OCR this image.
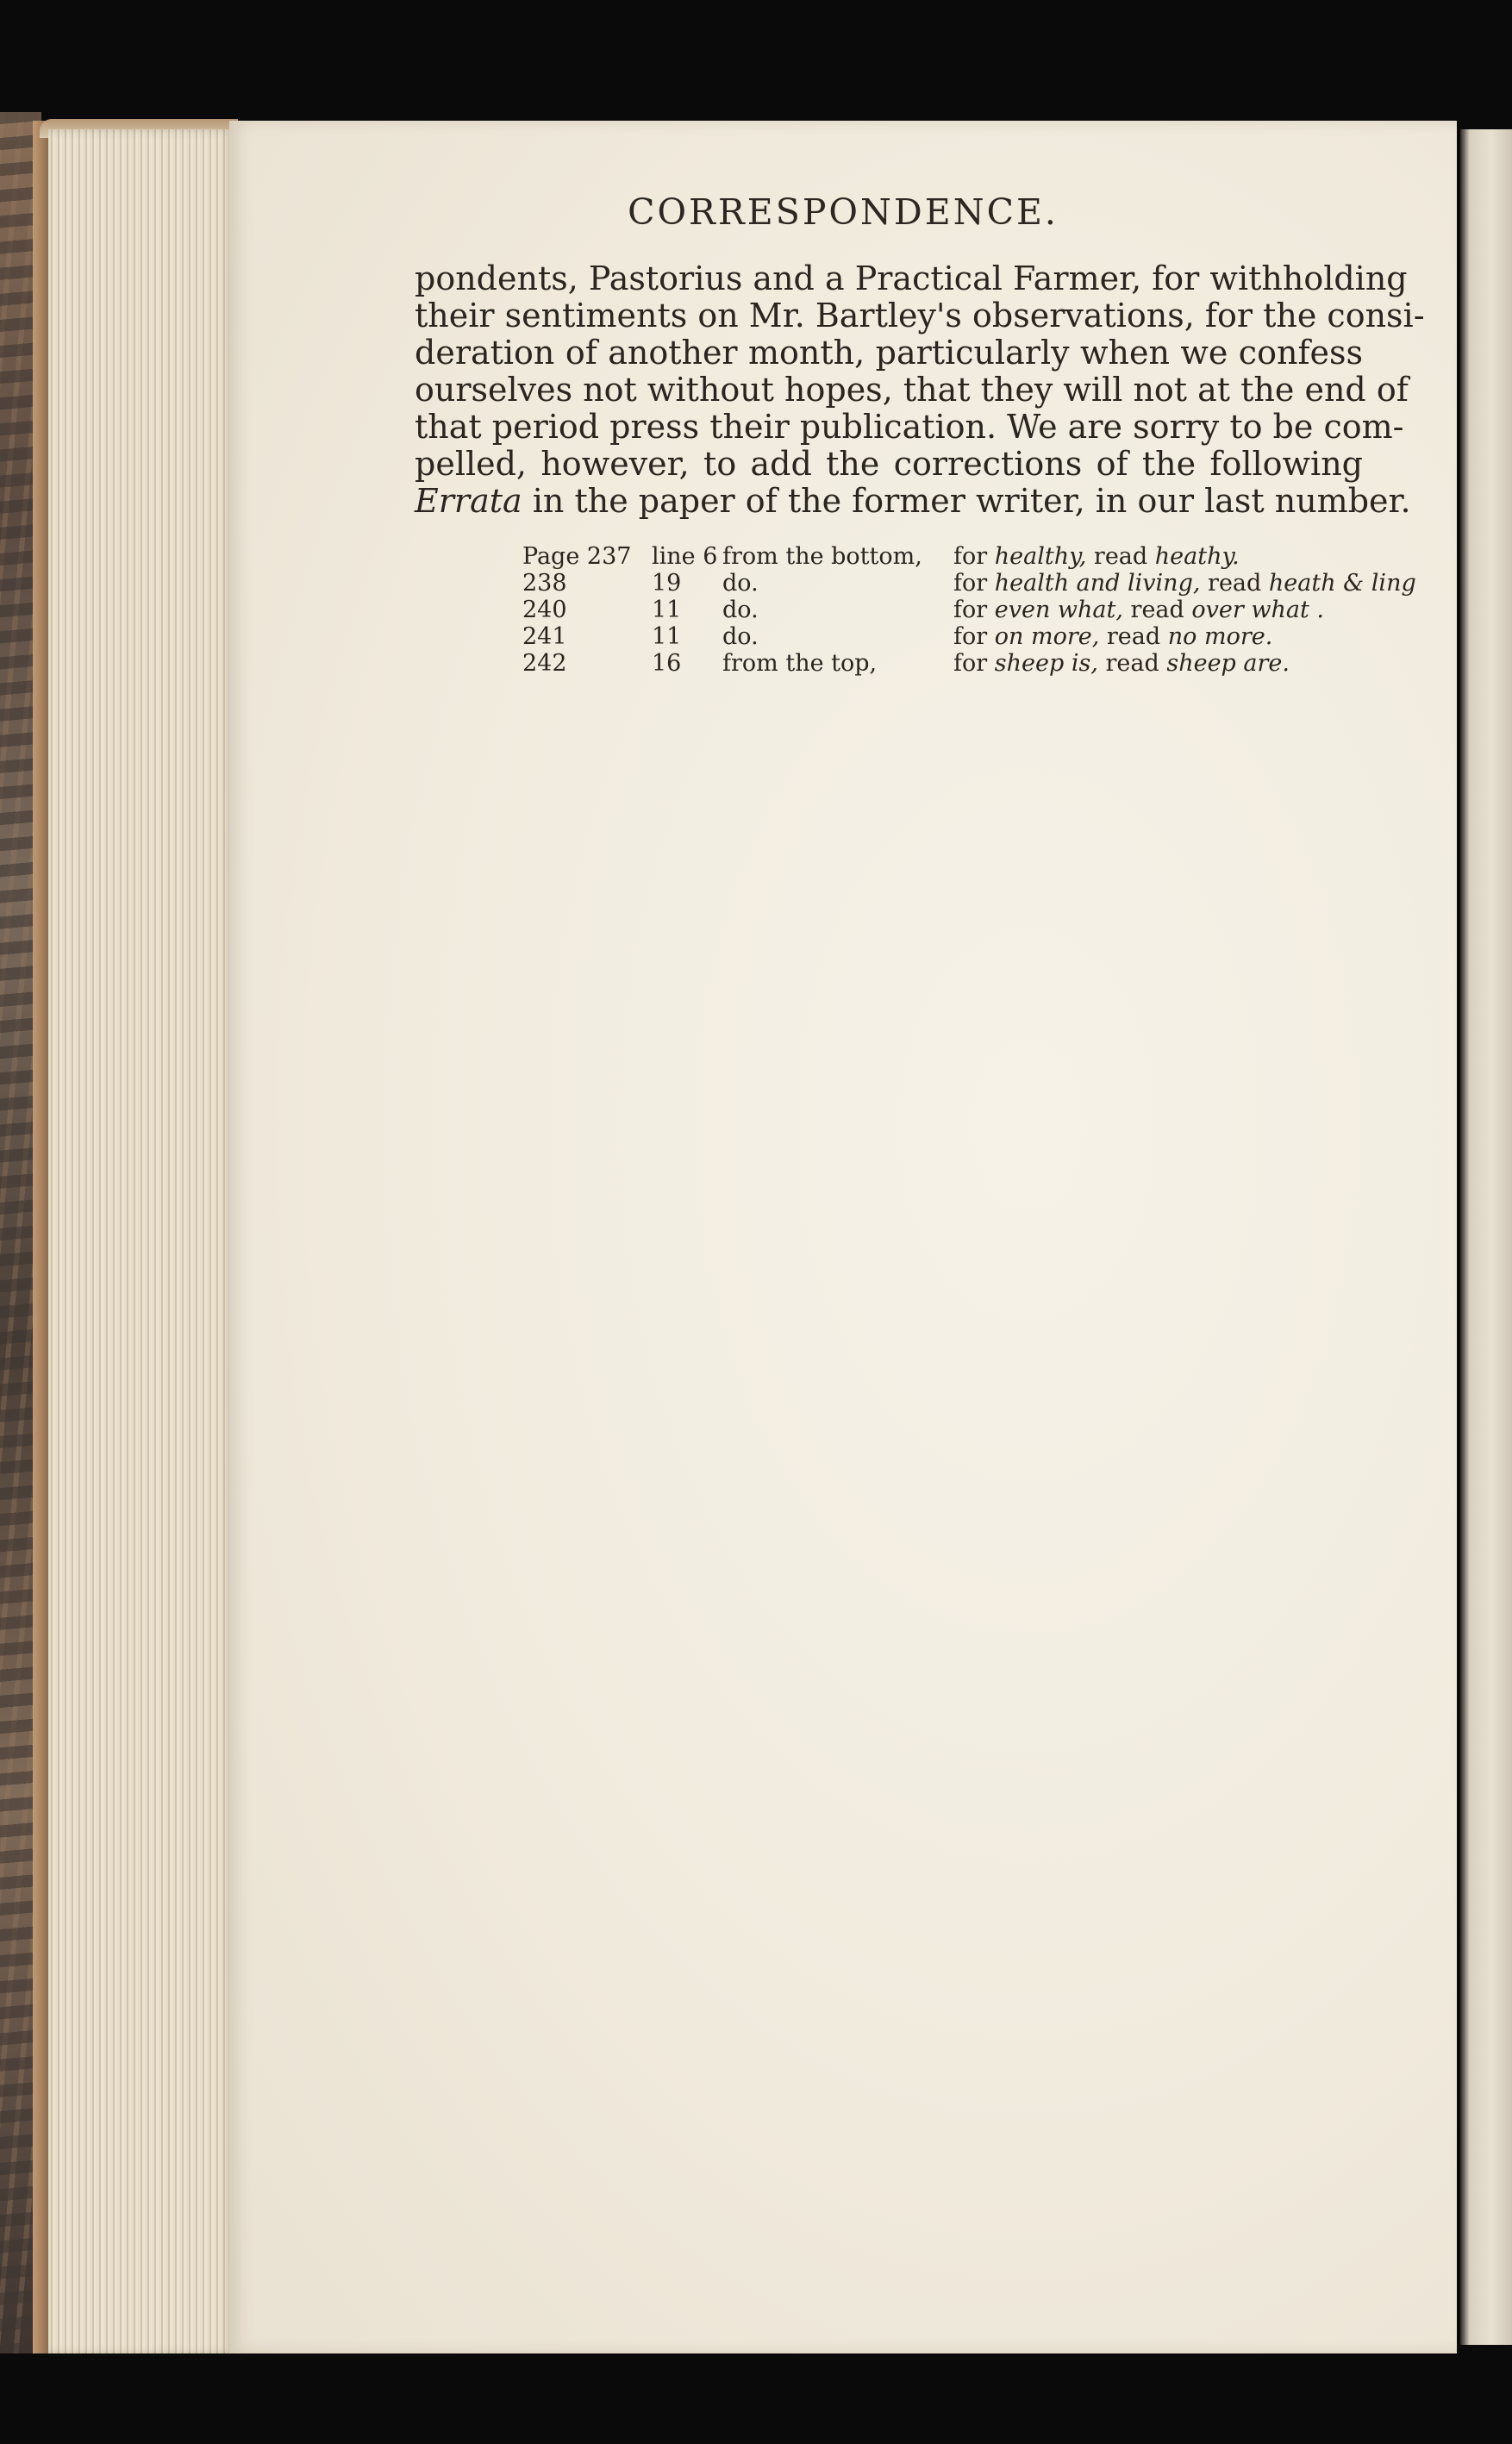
CORRESPONDENCE.
pondents, Pastorius and a Practical Farmer, for withholding
their sentiments on Mr. Bartley's observations, for the consi-
deration of another month, particularly when we confess
ourselves not without hopes, that they will not at the end of
that period press their publication. We are sorry to be com-
pelled, however, to add the corrections of the following
Errata in the paper of the former writer, in our last number.
Page 237 line 6 from the bottom, for healthy, read heathy.
238	19 do.	for health and living, read heath & ling
240	11 do.	for even what, read over what .
241	11 do.	for on more, read no more.
242	16 from the top,	for sheep is, read sheep are.
